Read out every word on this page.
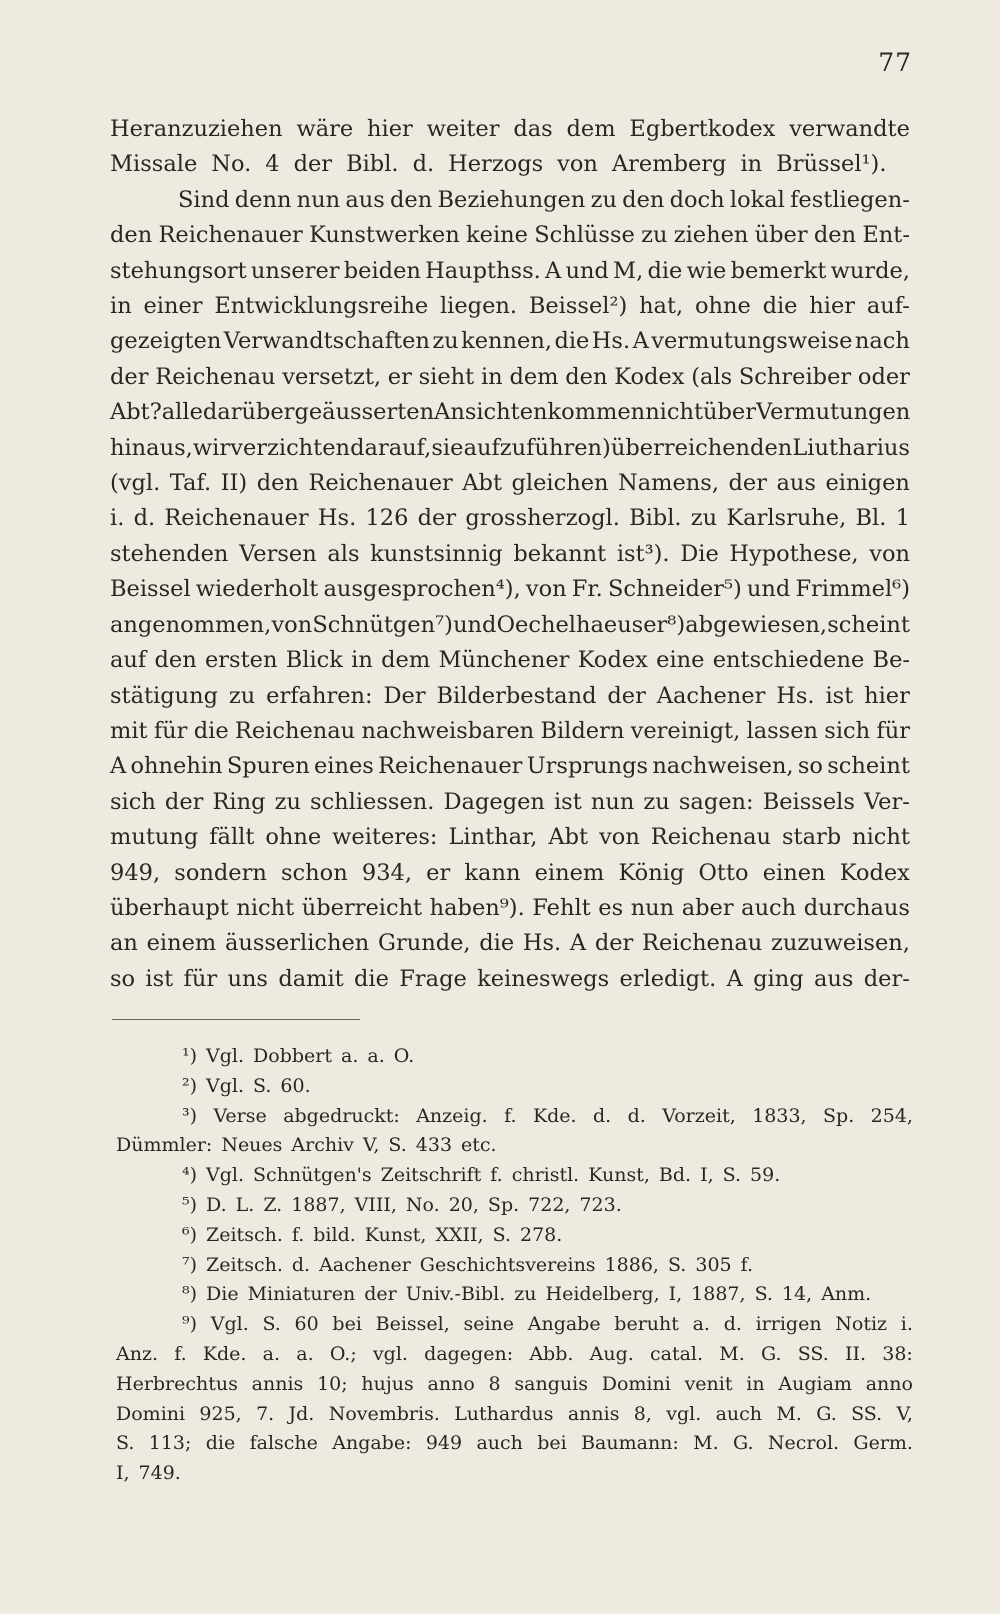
77
Heranzuziehen wäre hier weiter das dem Egbertkodex verwandte
Missale No. 4 der Bibl. d. Herzogs von Aremberg in Brüssel¹).
Sind denn nun aus den Beziehungen zu den doch lokal festliegen-
den Reichenauer Kunstwerken keine Schlüsse zu ziehen über den Ent-
stehungsort unserer beiden Haupthss. A und M, die wie bemerkt wurde,
in einer Entwicklungsreihe liegen. Beissel²) hat, ohne die hier auf-
gezeigten Verwandtschaften zu kennen, die Hs. A vermutungsweise nach
der Reichenau versetzt, er sieht in dem den Kodex (als Schreiber oder
Abt? alle darüber geäusserten Ansichten kommen nicht über Vermutungen
hinaus, wir verzichten darauf, sie aufzuführen) überreichenden Liutharius
(vgl. Taf. II) den Reichenauer Abt gleichen Namens, der aus einigen
i. d. Reichenauer Hs. 126 der grossherzogl. Bibl. zu Karlsruhe, Bl. 1
stehenden Versen als kunstsinnig bekannt ist³). Die Hypothese, von
Beissel wiederholt ausgesprochen⁴), von Fr. Schneider⁵) und Frimmel⁶)
angenommen, von Schnütgen⁷) und Oechelhaeuser⁸) abgewiesen, scheint
auf den ersten Blick in dem Münchener Kodex eine entschiedene Be-
stätigung zu erfahren: Der Bilderbestand der Aachener Hs. ist hier
mit für die Reichenau nachweisbaren Bildern vereinigt, lassen sich für
A ohnehin Spuren eines Reichenauer Ursprungs nachweisen, so scheint
sich der Ring zu schliessen. Dagegen ist nun zu sagen: Beissels Ver-
mutung fällt ohne weiteres: Linthar, Abt von Reichenau starb nicht
949, sondern schon 934, er kann einem König Otto einen Kodex
überhaupt nicht überreicht haben⁹). Fehlt es nun aber auch durchaus
an einem äusserlichen Grunde, die Hs. A der Reichenau zuzuweisen,
so ist für uns damit die Frage keineswegs erledigt. A ging aus der-
¹) Vgl. Dobbert a. a. O.
²) Vgl. S. 60.
³) Verse abgedruckt: Anzeig. f. Kde. d. d. Vorzeit, 1833, Sp. 254,
Dümmler: Neues Archiv V, S. 433 etc.
⁴) Vgl. Schnütgen's Zeitschrift f. christl. Kunst, Bd. I, S. 59.
⁵) D. L. Z. 1887, VIII, No. 20, Sp. 722, 723.
⁶) Zeitsch. f. bild. Kunst, XXII, S. 278.
⁷) Zeitsch. d. Aachener Geschichtsvereins 1886, S. 305 f.
⁸) Die Miniaturen der Univ.-Bibl. zu Heidelberg, I, 1887, S. 14, Anm.
⁹) Vgl. S. 60 bei Beissel, seine Angabe beruht a. d. irrigen Notiz i.
Anz. f. Kde. a. a. O.; vgl. dagegen: Abb. Aug. catal. M. G. SS. II. 38:
Herbrechtus annis 10; hujus anno 8 sanguis Domini venit in Augiam anno
Domini 925, 7. Jd. Novembris. Luthardus annis 8, vgl. auch M. G. SS. V,
S. 113; die falsche Angabe: 949 auch bei Baumann: M. G. Necrol. Germ.
I, 749.
